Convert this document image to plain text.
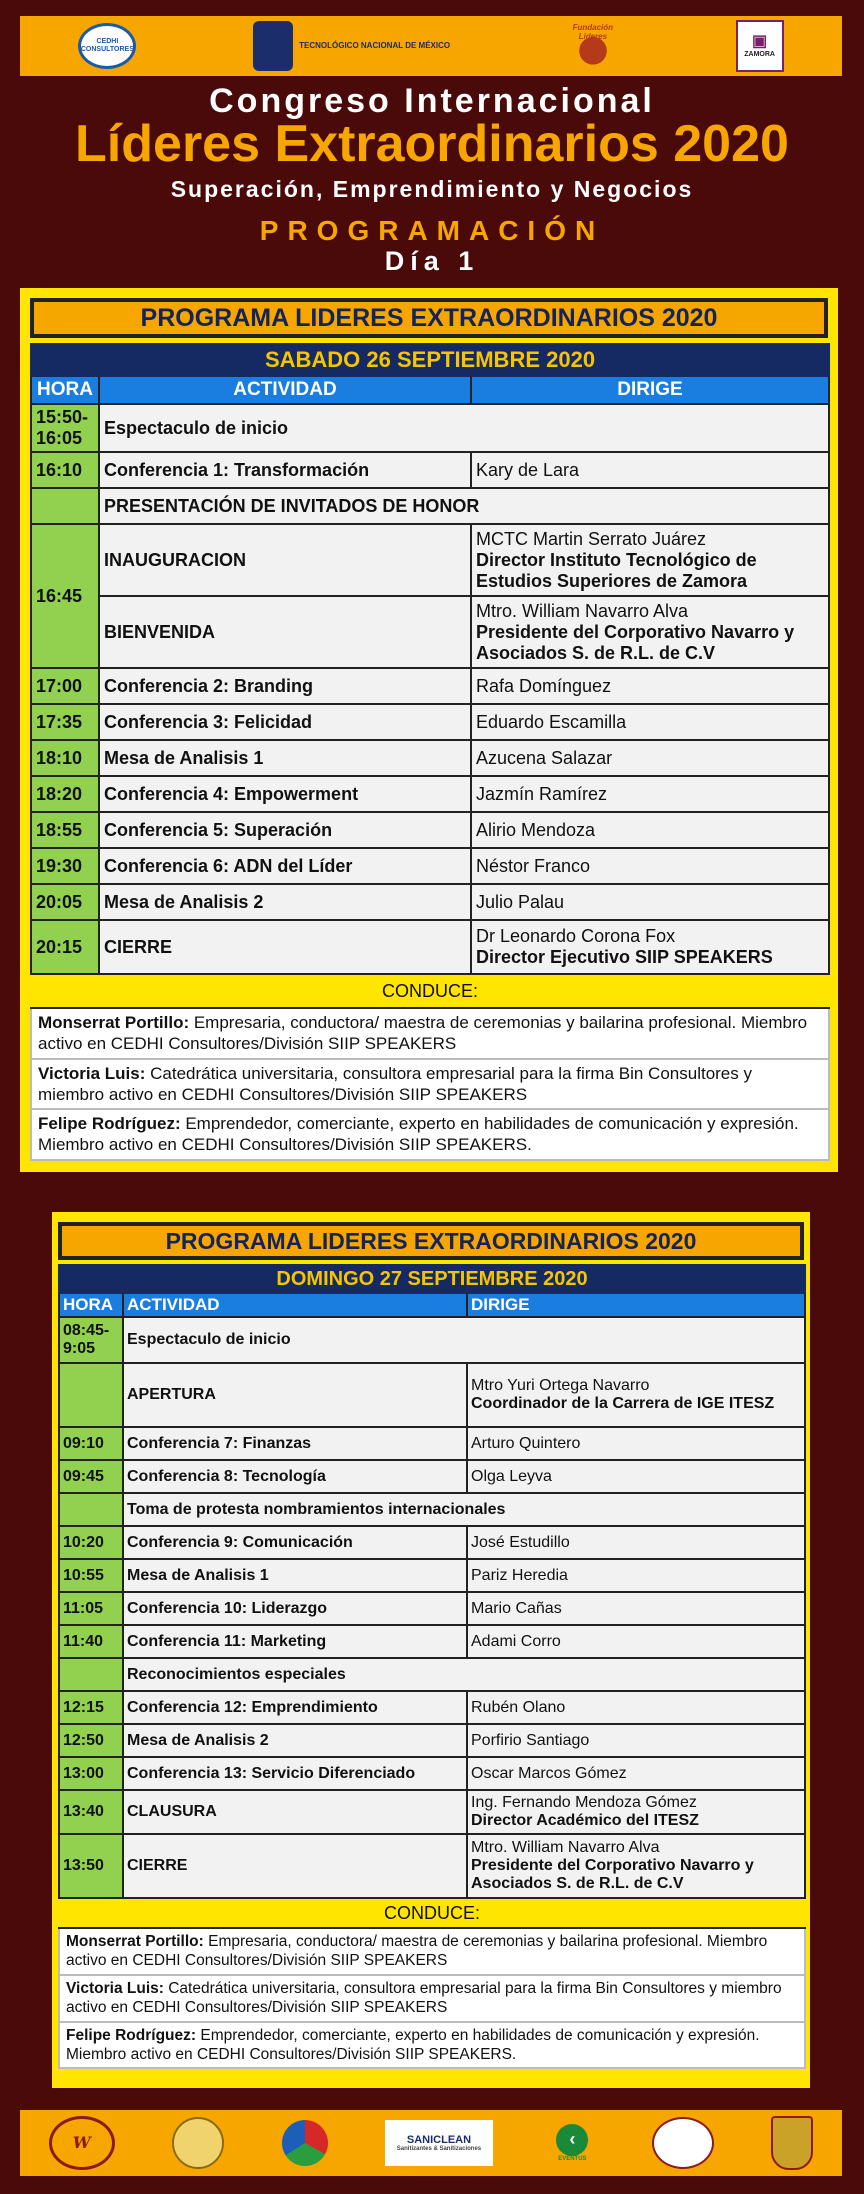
CEDHI CONSULTORES	TECNOLÓGICO NACIONAL DE MÉXICO
Fundación Lideres	▣
ZAMORA
Congreso Internacional
Líderes Extraordinarios 2020
Superación, Emprendimiento y Negocios
PROGRAMACIÓN
Día 1
PROGRAMA LIDERES EXTRAORDINARIOS 2020
SABADO 26 SEPTIEMBRE 2020		
HORA	ACTIVIDAD	DIRIGE
15:50-16:05	Espectaculo de inicio	
16:10	Conferencia 1: Transformación	Kary de Lara
	PRESENTACIÓN DE INVITADOS DE HONOR	
16:45	INAUGURACION	MCTC Martin Serrato Juárez
Director Instituto Tecnológico de Estudios Superiores de Zamora

	BIENVENIDA	Mtro. William Navarro Alva
Presidente del Corporativo Navarro y Asociados S. de R.L. de C.V

17:00	Conferencia 2: Branding	Rafa Domínguez
17:35	Conferencia 3: Felicidad	Eduardo Escamilla
18:10	Mesa de Analisis 1	Azucena Salazar
18:20	Conferencia 4: Empowerment	Jazmín Ramírez
18:55	Conferencia 5: Superación	Alirio Mendoza
19:30	Conferencia 6: ADN del Líder	Néstor Franco
20:05	Mesa de Analisis 2	Julio Palau
20:15	CIERRE	Dr Leonardo Corona Fox
Director Ejecutivo SIIP SPEAKERS

CONDUCE:		
Monserrat Portillo: Empresaria, conductora/ maestra de ceremonias y bailarina profesional. Miembro activo en CEDHI Consultores/División SIIP SPEAKERS		
Victoria Luis: Catedrática universitaria, consultora empresarial para la firma Bin Consultores y miembro activo en CEDHI Consultores/División SIIP SPEAKERS		
Felipe Rodríguez: Emprendedor, comerciante, experto en habilidades de comunicación y expresión. Miembro activo en CEDHI Consultores/División SIIP SPEAKERS.		
PROGRAMA LIDERES EXTRAORDINARIOS 2020
DOMINGO 27 SEPTIEMBRE 2020		
HORA	ACTIVIDAD	DIRIGE
08:45-9:05	Espectaculo de inicio	
	APERTURA	Mtro Yuri Ortega Navarro
Coordinador de la Carrera de IGE ITESZ

09:10	Conferencia 7: Finanzas	Arturo Quintero
09:45	Conferencia 8: Tecnología	Olga Leyva
	Toma de protesta nombramientos internacionales	
10:20	Conferencia 9: Comunicación	José Estudillo
10:55	Mesa de Analisis 1	Pariz Heredia
11:05	Conferencia 10: Liderazgo	Mario Cañas
11:40	Conferencia 11: Marketing	Adami Corro
	Reconocimientos especiales	
12:15	Conferencia 12: Emprendimiento	Rubén Olano
12:50	Mesa de Analisis 2	Porfirio Santiago
13:00	Conferencia 13: Servicio Diferenciado	Oscar Marcos Gómez
13:40	CLAUSURA	Ing. Fernando Mendoza Gómez
Director Académico del ITESZ

13:50	CIERRE	Mtro. William Navarro Alva
Presidente del Corporativo Navarro y Asociados S. de R.L. de C.V

CONDUCE:		
Monserrat Portillo: Empresaria, conductora/ maestra de ceremonias y bailarina profesional. Miembro activo en CEDHI Consultores/División SIIP SPEAKERS		
Victoria Luis: Catedrática universitaria, consultora empresarial para la firma Bin Consultores y miembro activo en CEDHI Consultores/División SIIP SPEAKERS		
Felipe Rodríguez: Emprendedor, comerciante, experto en habilidades de comunicación y expresión. Miembro activo en CEDHI Consultores/División SIIP SPEAKERS.		
W	SANICLEAN
Sanitizantes & Sanitizaciones	‹
EVENTUS
